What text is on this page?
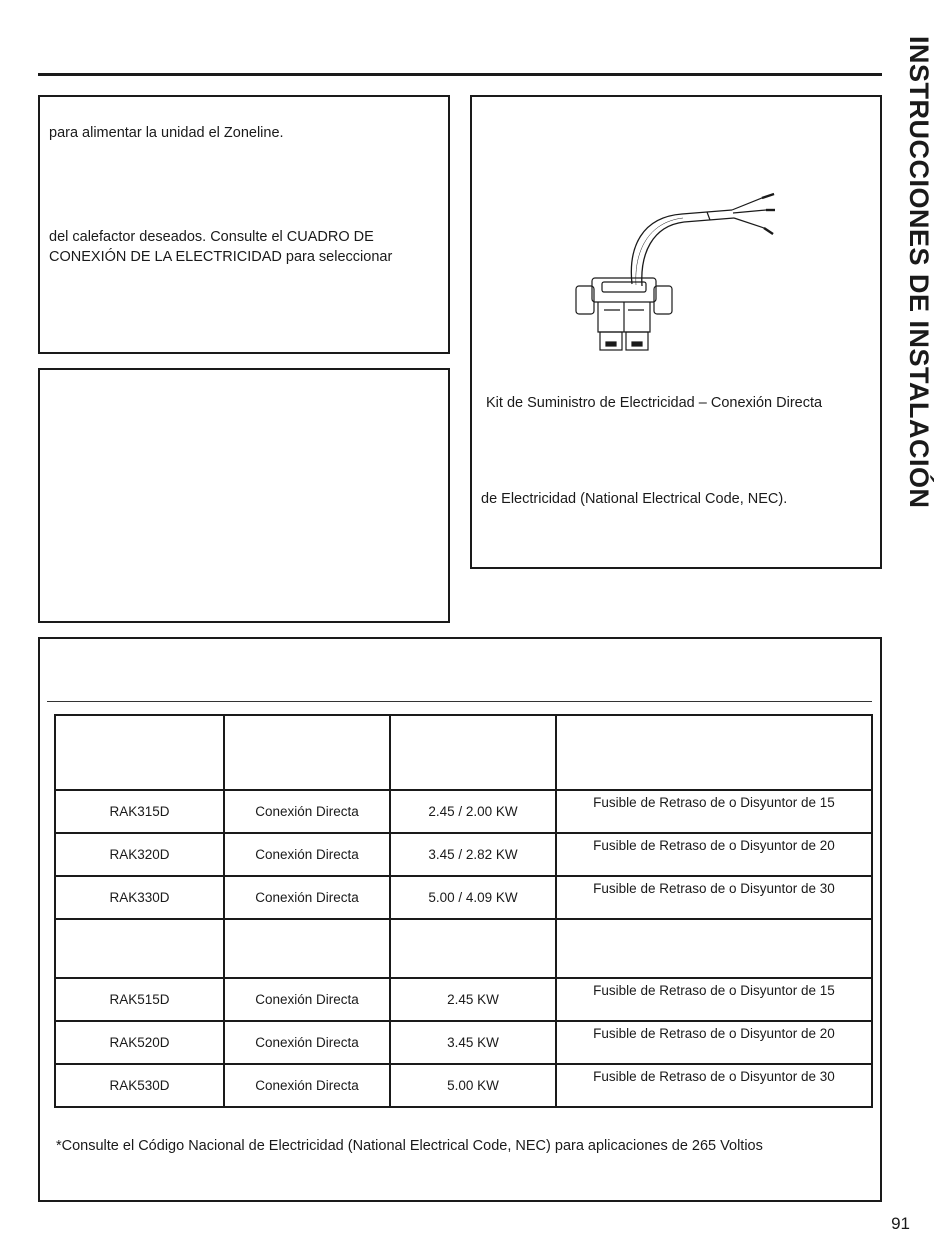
INSTRUCCIONES DE INSTALACIÓN
para alimentar la unidad el Zoneline.
del calefactor deseados. Consulte el CUADRO DE
CONEXIÓN DE LA ELECTRICIDAD para seleccionar
Kit de Suministro de Electricidad – Conexión Directa
de Electricidad (National Electrical Code, NEC).

RAK315D	Conexión Directa	2.45 / 2.00 KW	Fusible de Retraso de o Disyuntor de 15
RAK320D	Conexión Directa	3.45 / 2.82 KW	Fusible de Retraso de o Disyuntor de 20
RAK330D	Conexión Directa	5.00 / 4.09 KW	Fusible de Retraso de o Disyuntor de 30

RAK515D	Conexión Directa	2.45 KW	Fusible de Retraso de o Disyuntor de 15
RAK520D	Conexión Directa	3.45 KW	Fusible de Retraso de o Disyuntor de 20
RAK530D	Conexión Directa	5.00 KW	Fusible de Retraso de o Disyuntor de 30
*Consulte el Código Nacional de Electricidad (National Electrical Code, NEC) para aplicaciones de 265 Voltios
91
